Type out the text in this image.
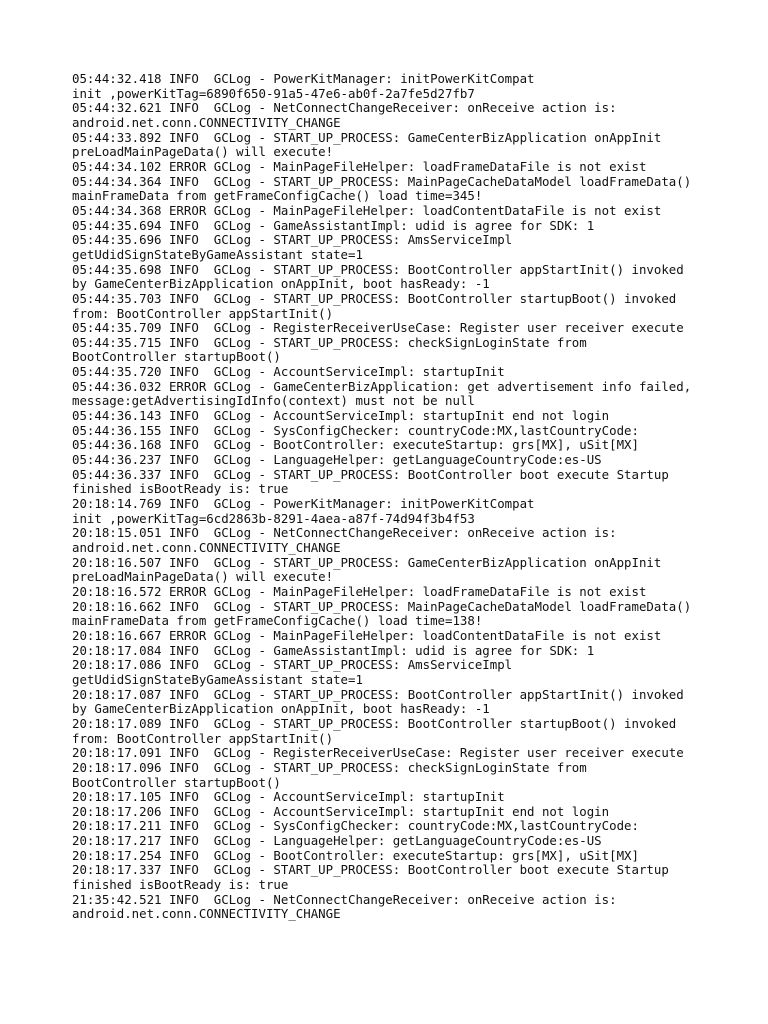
05:44:32.418 INFO  GCLog - PowerKitManager: initPowerKitCompat
init ,powerKitTag=6890f650-91a5-47e6-ab0f-2a7fe5d27fb7
05:44:32.621 INFO  GCLog - NetConnectChangeReceiver: onReceive action is:
android.net.conn.CONNECTIVITY_CHANGE
05:44:33.892 INFO  GCLog - START_UP_PROCESS: GameCenterBizApplication onAppInit
preLoadMainPageData() will execute!
05:44:34.102 ERROR GCLog - MainPageFileHelper: loadFrameDataFile is not exist
05:44:34.364 INFO  GCLog - START_UP_PROCESS: MainPageCacheDataModel loadFrameData()
mainFrameData from getFrameConfigCache() load time=345!
05:44:34.368 ERROR GCLog - MainPageFileHelper: loadContentDataFile is not exist
05:44:35.694 INFO  GCLog - GameAssistantImpl: udid is agree for SDK: 1
05:44:35.696 INFO  GCLog - START_UP_PROCESS: AmsServiceImpl
getUdidSignStateByGameAssistant state=1
05:44:35.698 INFO  GCLog - START_UP_PROCESS: BootController appStartInit() invoked
by GameCenterBizApplication onAppInit, boot hasReady: -1
05:44:35.703 INFO  GCLog - START_UP_PROCESS: BootController startupBoot() invoked
from: BootController appStartInit()
05:44:35.709 INFO  GCLog - RegisterReceiverUseCase: Register user receiver execute
05:44:35.715 INFO  GCLog - START_UP_PROCESS: checkSignLoginState from
BootController startupBoot()
05:44:35.720 INFO  GCLog - AccountServiceImpl: startupInit
05:44:36.032 ERROR GCLog - GameCenterBizApplication: get advertisement info failed,
message:getAdvertisingIdInfo(context) must not be null
05:44:36.143 INFO  GCLog - AccountServiceImpl: startupInit end not login
05:44:36.155 INFO  GCLog - SysConfigChecker: countryCode:MX,lastCountryCode:
05:44:36.168 INFO  GCLog - BootController: executeStartup: grs[MX], uSit[MX]
05:44:36.237 INFO  GCLog - LanguageHelper: getLanguageCountryCode:es-US
05:44:36.337 INFO  GCLog - START_UP_PROCESS: BootController boot execute Startup
finished isBootReady is: true
20:18:14.769 INFO  GCLog - PowerKitManager: initPowerKitCompat
init ,powerKitTag=6cd2863b-8291-4aea-a87f-74d94f3b4f53
20:18:15.051 INFO  GCLog - NetConnectChangeReceiver: onReceive action is:
android.net.conn.CONNECTIVITY_CHANGE
20:18:16.507 INFO  GCLog - START_UP_PROCESS: GameCenterBizApplication onAppInit
preLoadMainPageData() will execute!
20:18:16.572 ERROR GCLog - MainPageFileHelper: loadFrameDataFile is not exist
20:18:16.662 INFO  GCLog - START_UP_PROCESS: MainPageCacheDataModel loadFrameData()
mainFrameData from getFrameConfigCache() load time=138!
20:18:16.667 ERROR GCLog - MainPageFileHelper: loadContentDataFile is not exist
20:18:17.084 INFO  GCLog - GameAssistantImpl: udid is agree for SDK: 1
20:18:17.086 INFO  GCLog - START_UP_PROCESS: AmsServiceImpl
getUdidSignStateByGameAssistant state=1
20:18:17.087 INFO  GCLog - START_UP_PROCESS: BootController appStartInit() invoked
by GameCenterBizApplication onAppInit, boot hasReady: -1
20:18:17.089 INFO  GCLog - START_UP_PROCESS: BootController startupBoot() invoked
from: BootController appStartInit()
20:18:17.091 INFO  GCLog - RegisterReceiverUseCase: Register user receiver execute
20:18:17.096 INFO  GCLog - START_UP_PROCESS: checkSignLoginState from
BootController startupBoot()
20:18:17.105 INFO  GCLog - AccountServiceImpl: startupInit
20:18:17.206 INFO  GCLog - AccountServiceImpl: startupInit end not login
20:18:17.211 INFO  GCLog - SysConfigChecker: countryCode:MX,lastCountryCode:
20:18:17.217 INFO  GCLog - LanguageHelper: getLanguageCountryCode:es-US
20:18:17.254 INFO  GCLog - BootController: executeStartup: grs[MX], uSit[MX]
20:18:17.337 INFO  GCLog - START_UP_PROCESS: BootController boot execute Startup
finished isBootReady is: true
21:35:42.521 INFO  GCLog - NetConnectChangeReceiver: onReceive action is:
android.net.conn.CONNECTIVITY_CHANGE
